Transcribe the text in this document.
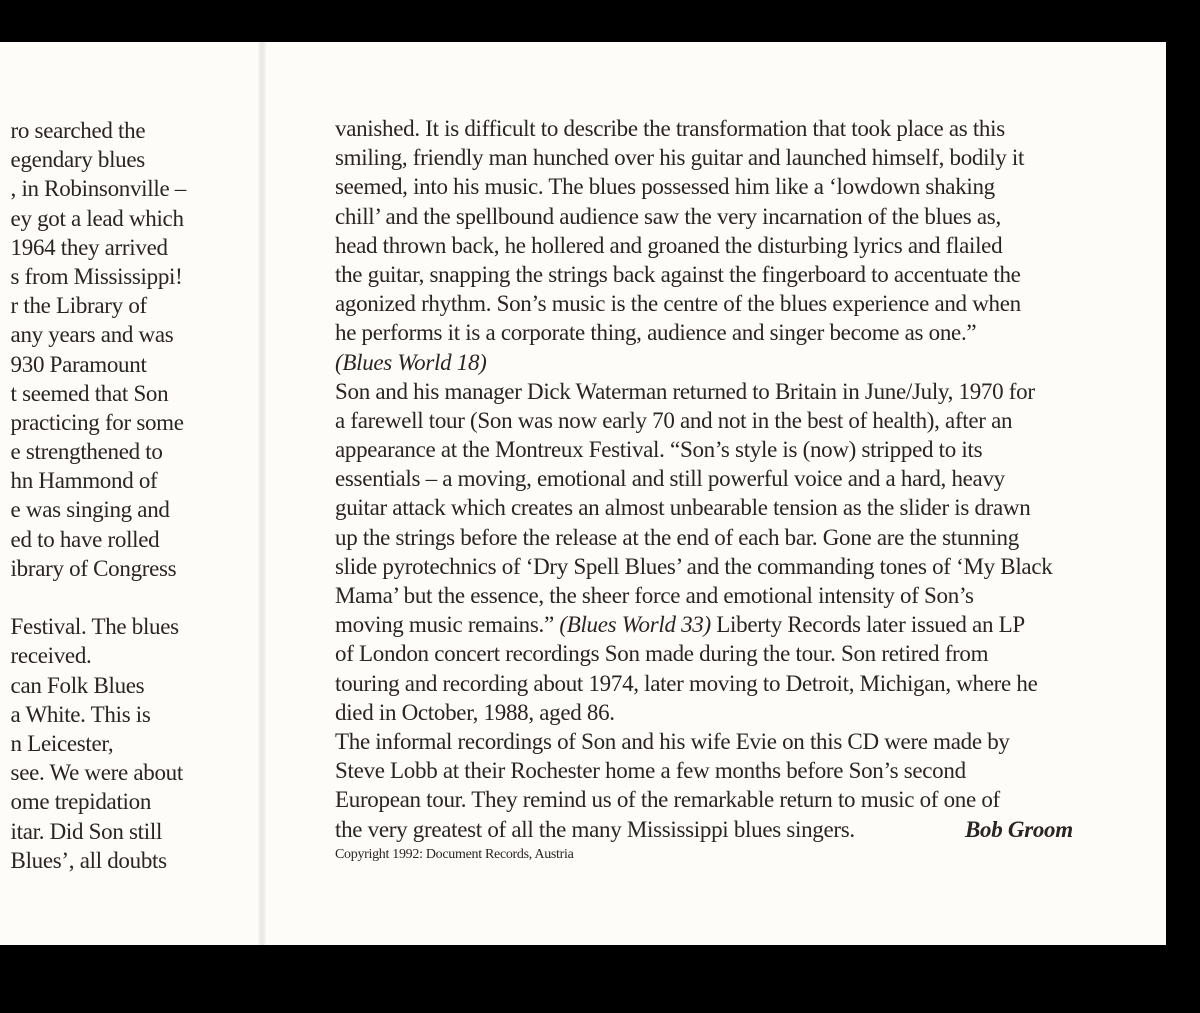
ro searched the
egendary blues
, in Robinsonville –
ey got a lead which
1964 they arrived
s from Mississippi!
r the Library of
any years and was
930 Paramount
t seemed that Son
practicing for some
e strengthened to
hn Hammond of
e was singing and
ed to have rolled
ibrary of Congress
Festival. The blues
received.
can Folk Blues
a White. This is
n Leicester,
see. We were about
ome trepidation
itar. Did Son still
Blues’, all doubts
vanished. It is difficult to describe the transformation that took place as this
smiling, friendly man hunched over his guitar and launched himself, bodily it
seemed, into his music. The blues possessed him like a ‘lowdown shaking
chill’ and the spellbound audience saw the very incarnation of the blues as,
head thrown back, he hollered and groaned the disturbing lyrics and flailed
the guitar, snapping the strings back against the fingerboard to accentuate the
agonized rhythm. Son’s music is the centre of the blues experience and when
he performs it is a corporate thing, audience and singer become as one.”
(Blues World 18)
Son and his manager Dick Waterman returned to Britain in June/July, 1970 for
a farewell tour (Son was now early 70 and not in the best of health), after an
appearance at the Montreux Festival. “Son’s style is (now) stripped to its
essentials – a moving, emotional and still powerful voice and a hard, heavy
guitar attack which creates an almost unbearable tension as the slider is drawn
up the strings before the release at the end of each bar. Gone are the stunning
slide pyrotechnics of ‘Dry Spell Blues’ and the commanding tones of ‘My Black
Mama’ but the essence, the sheer force and emotional intensity of Son’s
moving music remains.” (Blues World 33) Liberty Records later issued an LP
of London concert recordings Son made during the tour. Son retired from
touring and recording about 1974, later moving to Detroit, Michigan, where he
died in October, 1988, aged 86.
The informal recordings of Son and his wife Evie on this CD were made by
Steve Lobb at their Rochester home a few months before Son’s second
European tour. They remind us of the remarkable return to music of one of
the very greatest of all the many Mississippi blues singers.	Bob Groom
Copyright 1992: Document Records, Austria
